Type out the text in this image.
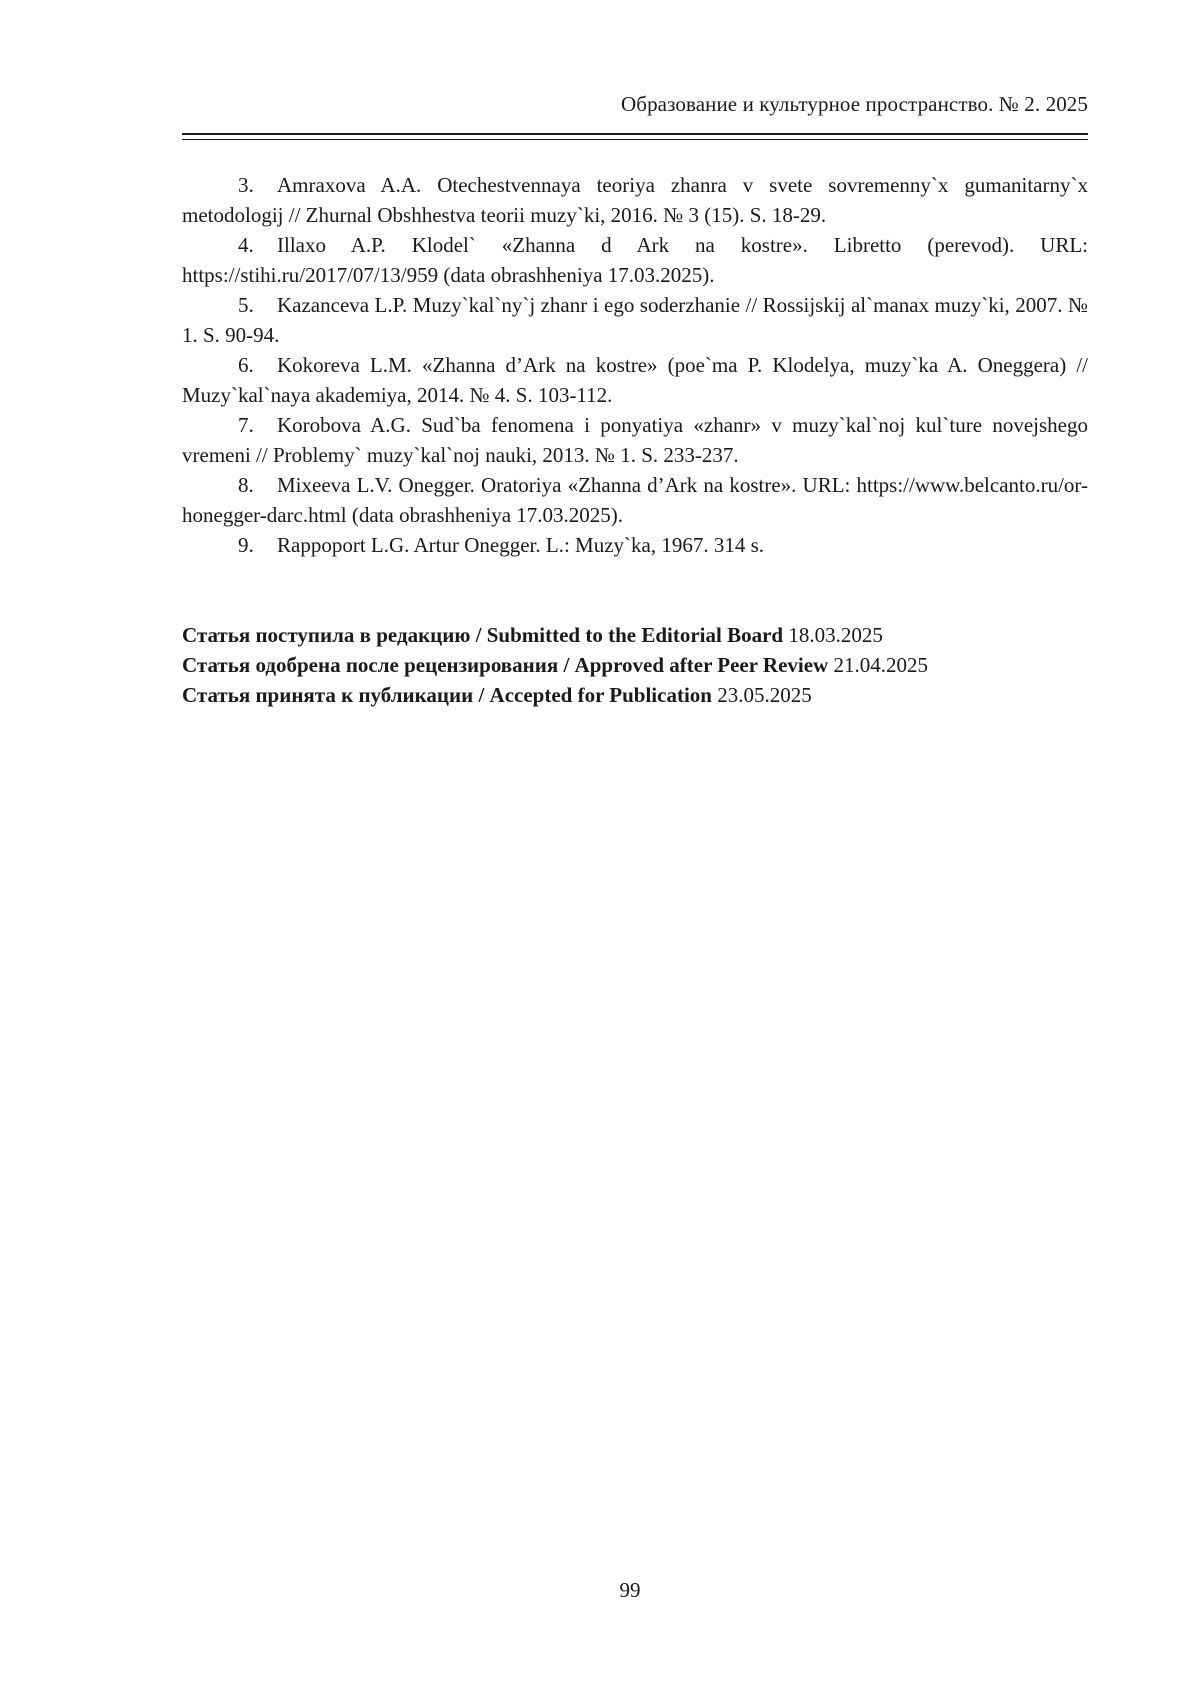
Образование и культурное пространство. № 2. 2025
3. Amraxova A.A. Otechestvennaya teoriya zhanra v svete sovremenny`x gumanitarny`x metodologij // Zhurnal Obshhestva teorii muzy`ki, 2016. № 3 (15). S. 18-29.
4. Illaxo A.P. Klodel` «Zhanna d Ark na kostre». Libretto (perevod). URL: https://stihi.ru/2017/07/13/959 (data obrashheniya 17.03.2025).
5. Kazanceva L.P. Muzy`kal`ny`j zhanr i ego soderzhanie // Rossijskij al`manax muzy`ki, 2007. № 1. S. 90-94.
6. Kokoreva L.M. «Zhanna d’Ark na kostre» (poe`ma P. Klodelya, muzy`ka A. Oneggera) // Muzy`kal`naya akademiya, 2014. № 4. S. 103-112.
7. Korobova A.G. Sud`ba fenomena i ponyatiya «zhanr» v muzy`kal`noj kul`ture novejshego vremeni // Problemy` muzy`kal`noj nauki, 2013. № 1. S. 233-237.
8. Mixeeva L.V. Onegger. Oratoriya «Zhanna d’Ark na kostre». URL: https://www.belcanto.ru/or-honegger-darc.html (data obrashheniya 17.03.2025).
9. Rappoport L.G. Artur Onegger. L.: Muzy`ka, 1967. 314 s.
Статья поступила в редакцию / Submitted to the Editorial Board 18.03.2025
Статья одобрена после рецензирования / Approved after Peer Review 21.04.2025
Статья принята к публикации / Accepted for Publication 23.05.2025
99
